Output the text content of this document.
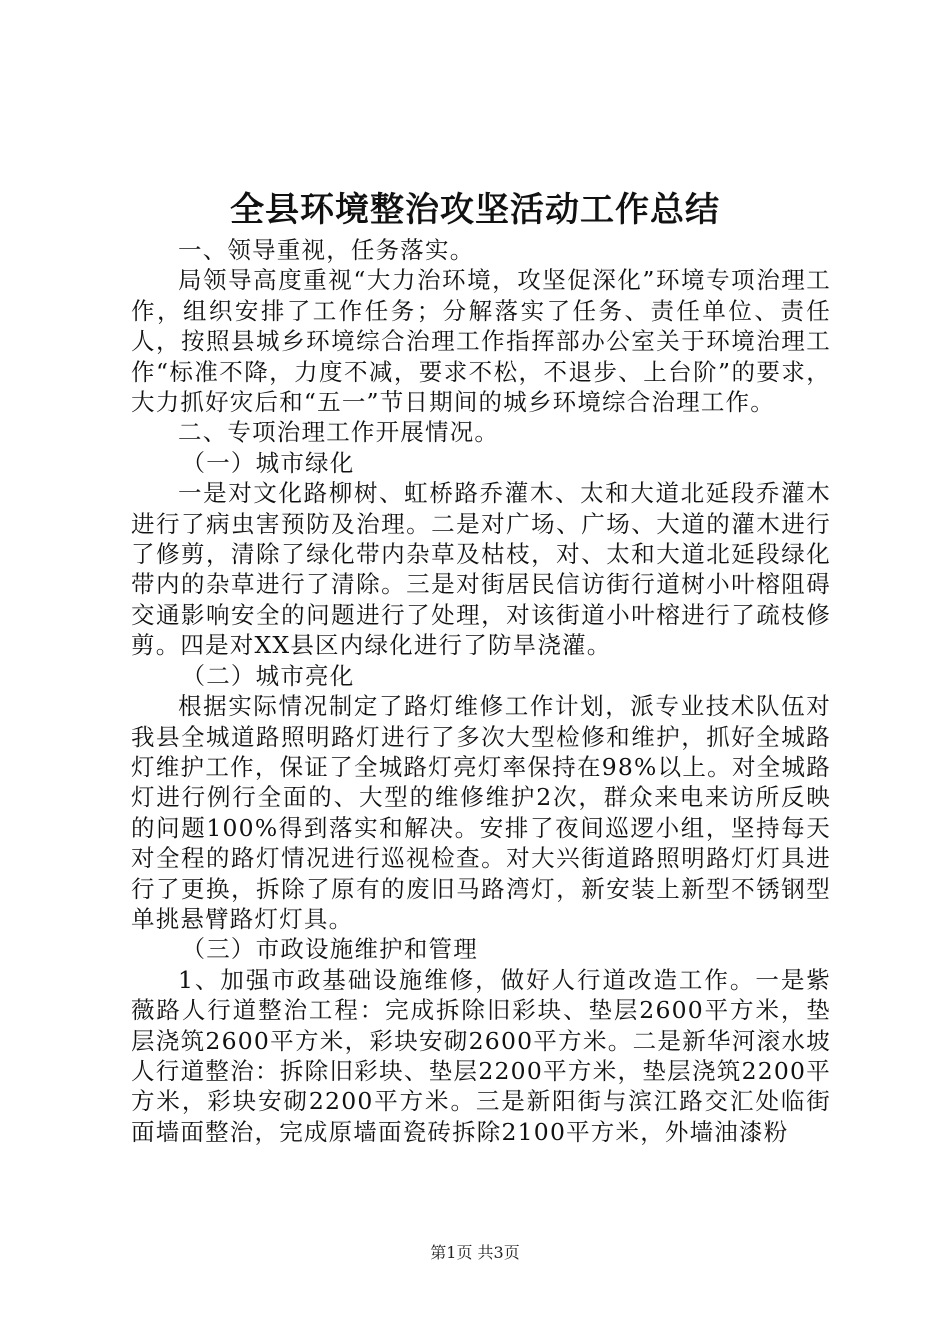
全县环境整治攻坚活动工作总结

一、领导重视，任务落实。

局领导高度重视“大力治环境，攻坚促深化”环境专项治理工作，组织安排了工作任务；分解落实了任务、责任单位、责任人，按照县城乡环境综合治理工作指挥部办公室关于环境治理工作“标准不降，力度不减，要求不松，不退步、上台阶”的要求，大力抓好灾后和“五一”节日期间的城乡环境综合治理工作。

二、专项治理工作开展情况。

（一）城市绿化

一是对文化路柳树、虹桥路乔灌木、太和大道北延段乔灌木进行了病虫害预防及治理。二是对广场、广场、大道的灌木进行了修剪，清除了绿化带内杂草及枯枝，对、太和大道北延段绿化带内的杂草进行了清除。三是对街居民信访街行道树小叶榕阻碍交通影响安全的问题进行了处理，对该街道小叶榕进行了疏枝修剪。四是对XX县区内绿化进行了防旱浇灌。

（二）城市亮化

根据实际情况制定了路灯维修工作计划，派专业技术队伍对我县全城道路照明路灯进行了多次大型检修和维护，抓好全城路灯维护工作，保证了全城路灯亮灯率保持在98%以上。对全城路灯进行例行全面的、大型的维修维护2次，群众来电来访所反映的问题100%得到落实和解决。安排了夜间巡逻小组，坚持每天对全程的路灯情况进行巡视检查。对大兴街道路照明路灯灯具进行了更换，拆除了原有的废旧马路湾灯，新安装上新型不锈钢型单挑悬臂路灯灯具。

（三）市政设施维护和管理

1、加强市政基础设施维修，做好人行道改造工作。一是紫薇路人行道整治工程：完成拆除旧彩块、垫层2600平方米，垫层浇筑2600平方米，彩块安砌2600平方米。二是新华河滚水坡人行道整治：拆除旧彩块、垫层2200平方米，垫层浇筑2200平方米，彩块安砌2200平方米。三是新阳街与滨江路交汇处临街面墙面整治，完成原墙面瓷砖拆除2100平方米，外墙油漆粉

第1页 共3页
